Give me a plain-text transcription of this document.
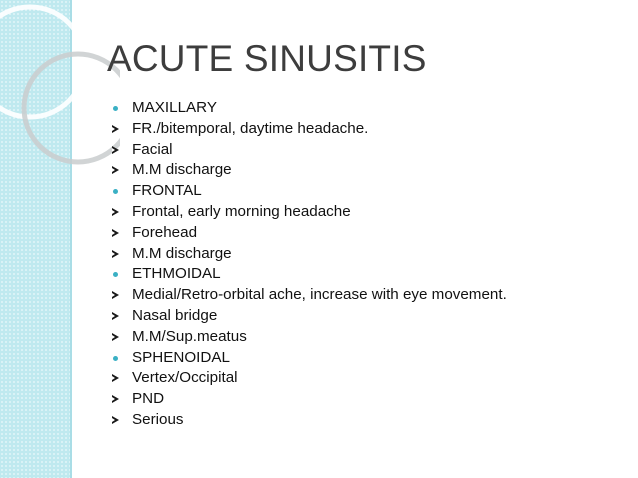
ACUTE SINUSITIS
MAXILLARY
FR./bitemporal, daytime headache.
Facial
M.M discharge
FRONTAL
Frontal, early morning headache
Forehead
M.M discharge
ETHMOIDAL
Medial/Retro-orbital ache, increase with eye movement.
Nasal bridge
M.M/Sup.meatus
SPHENOIDAL
Vertex/Occipital
PND
Serious
